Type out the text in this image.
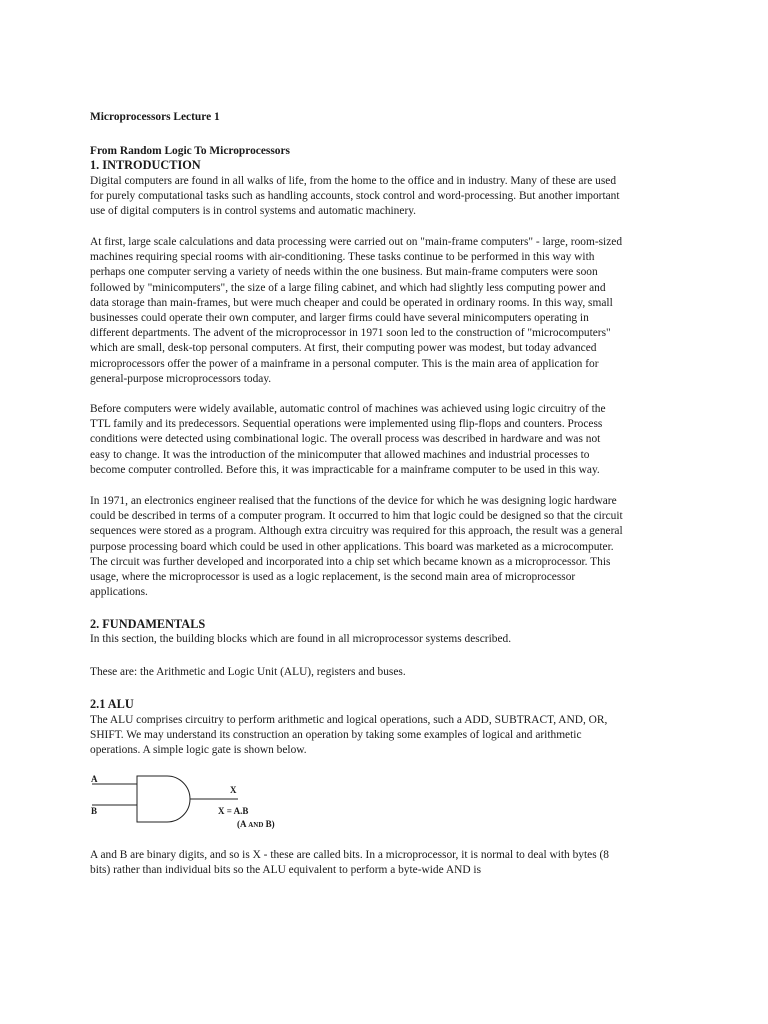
Microprocessors Lecture 1

From Random Logic To Microprocessors

1. INTRODUCTION

Digital computers are found in all walks of life, from the home to the office and in industry. Many of these are used
for purely computational tasks such as handling accounts, stock control and word-processing. But another important
use of digital computers is in control systems and automatic machinery.
At first, large scale calculations and data processing were carried out on "main-frame computers" - large, room-sized
machines requiring special rooms with air-conditioning. These tasks continue to be performed in this way with
perhaps one computer serving a variety of needs within the one business. But main-frame computers were soon
followed by "minicomputers", the size of a large filing cabinet, and which had slightly less computing power and
data storage than main-frames, but were much cheaper and could be operated in ordinary rooms. In this way, small
businesses could operate their own computer, and larger firms could have several minicomputers operating in
different departments. The advent of the microprocessor in 1971 soon led to the construction of "microcomputers"
which are small, desk-top personal computers. At first, their computing power was modest, but today advanced
microprocessors offer the power of a mainframe in a personal computer. This is the main area of application for
general-purpose microprocessors today.
Before computers were widely available, automatic control of machines was achieved using logic circuitry of the
TTL family and its predecessors. Sequential operations were implemented using flip-flops and counters. Process
conditions were detected using combinational logic. The overall process was described in hardware and was not
easy to change. It was the introduction of the minicomputer that allowed machines and industrial processes to
become computer controlled. Before this, it was impracticable for a mainframe computer to be used in this way.
In 1971, an electronics engineer realised that the functions of the device for which he was designing logic hardware
could be described in terms of a computer program. It occurred to him that logic could be designed so that the circuit
sequences were stored as a program. Although extra circuitry was required for this approach, the result was a general
purpose processing board which could be used in other applications. This board was marketed as a microcomputer.
The circuit was further developed and incorporated into a chip set which became known as a microprocessor. This
usage, where the microprocessor is used as a logic replacement, is the second main area of microprocessor
applications.

2. FUNDAMENTALS

In this section, the building blocks which are found in all microprocessor systems described.

These are: the Arithmetic and Logic Unit (ALU), registers and buses.

2.1 ALU

The ALU comprises circuitry to perform arithmetic and logical operations, such a ADD, SUBTRACT, AND, OR,
SHIFT. We may understand its construction an operation by taking some examples of logical and arithmetic
operations. A simple logic gate is shown below.
A
B
X
X = A.B
(A AND B)
A and B are binary digits, and so is X - these are called bits. In a microprocessor, it is normal to deal with bytes (8
bits) rather than individual bits so the ALU equivalent to perform a byte-wide AND is
